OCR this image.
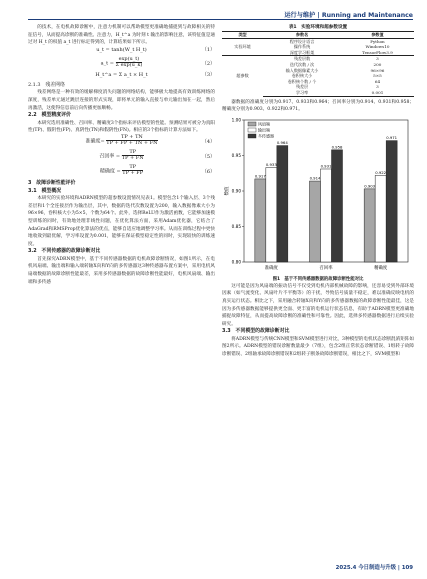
运行与维护 | Running and Maintenance

的技术，在电机故障诊断中，注意力机制可以帮助模型更准确地捕捉到与故障相关的特征信号，从而提高诊断的准确性。注意力，H_t^a 为时刻 t 输出的影响注意，该特征值是通过对 H_t 的权值 a_t 进行标定得到的，计算结果如下所示。

u_t = tanh(W_t H_t)	（1）
a_t = $\frac{\exp(u\_t)}{\text{Σ exp(u\_k)}}$	（2）
H_t^a = Σ a_t × H_t	（3）

2.1.3　残差网络

残差网络是一种有效的缓解梯度消失问题的网络结构，能够极大地提高有效训练网络的深度，残差单元通过跳层连接的形式实现，即将单元的输入直接与单元输出加在一起，然后再激活，这使得信息前后向传播更加顺畅。

2.2　模型精度评价

本研究选用准确性、召回率、精确度3个指标来评估模型的性能。预测结果可被分为真阳性(TP)、假阴性(FP)、真阴性(TN)和假阴性(FN)。相应的3个指标的计算方法如下。

准确度= $\frac{TP + TN}{TP + FP + TN + FN}$	（4）
召回率 = $\frac{TP}{TP + FN}$	（5）
精确度 = $\frac{TP}{TP + FP}$	（6）

3　故障诊断性能评价

3.1　模型概况

本研究的实验环境和ADRN模型的超参数设置情况见表1。模型包含1个输入层、3个残差层和1个全连接层作为输出层，其中，数据的迭代次数设置为200，输入数据像素大小为96×96，卷积核大小为5×5，个数为64个。此外，选择ReLU作为激活函数，它能够加速模型训练的同时，有效地处理非线性问题，在优化算法方面，采用Adam优化器，它结合了AdaGrad和RMSProp优化算法的优点，能够自适应地调整学习率。从而在训练过程中更快地收敛到最优解，学习率设置为0.001，能够在保证模型稳定性的同时，实现较快的训练速度。

3.2　不同传感器的故障诊断对比

首先探究ADRN模型中，基于不同传感器数据的电机故障诊断情况，如图1所示，在电机风扇端、输出端和输入端转轴X向和Y向的多传感器这3种传感器布置方案中，采用电机风扇端数据的故障诊断性能最差，采用多传感器数据的故障诊断性能最好，电机风扇端、输出端和多传感

表1　实验环境和超参数设置
类型	参数名	参数值
实验环境	程序设计语言	Python
	操作系统	Windows10
	深度学习框架	TensorFlow3.9
超参数	残差层数	3
	迭代次数 / 次	200
	输入数据像素大小	96×96
	卷积核大小	5×5
	卷积核个数 / 个	64
	残差层	3
	学习率	0.001

器数据的准确度分别为0.917、0.933和0.964；召回率分别为0.914、0.931和0.958；精确度分别为0.903、0.922和0.971。

0.80
0.85
0.90
0.95
1.00
数值
准确度
0.917
0.933
0.964
召回率
0.914
0.931
0.958
精确度
0.903
0.922
0.971
风扇端
输出端
多传感器
图1　基于不同传感器数据的故障诊断性能对比

这可能是因为风扇端的振动信号不仅受到电机内部机械故障的影响，还容易受到外部环境因素（如气流变化、风扇叶片不平衡等）的干扰，导致信号质量不稳定，难以准确反映电机的真实运行状态。相比之下，采用融合转轴X向和Y向的多传感器数据的故障诊断性能最佳，这是因为多传感器数据能够提供更全面、更丰富的电机运行状态信息，有助于ADRN模型更准确地捕捉故障特征，从而提高故障诊断的准确性和可靠性。因此，选择多传感器数据进行后续实验研究。

3.3　不同模型的故障诊断对比

将ADRN模型与传统CNN模型和SVM模型进行对比，3种模型的电机状态诊断混淆矩阵如图2所示。ADRN模型的错误诊断数量最少（7组），包含2组正常状态诊断错误、1组转子故障诊断错误、2组轴承故障诊断错误和2组转子断条故障诊断错误，相比之下，SVM模型和

2025.4 今日制造与升级 | 109
